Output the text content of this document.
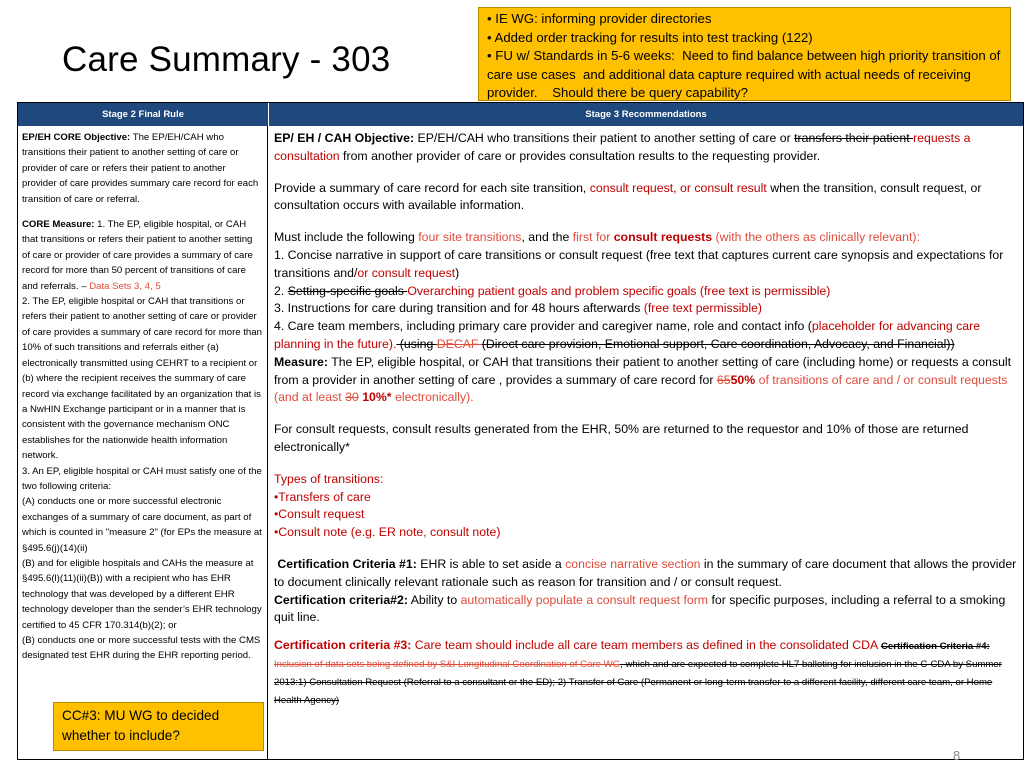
Care Summary - 303
• IE WG: informing provider directories
• Added order tracking for results into test tracking (122)
• FU w/ Standards in 5-6 weeks:  Need to find balance between high priority transition of care use cases  and additional data capture required with actual needs of receiving provider.    Should there be query capability?
Stage 2 Final Rule	Stage 3 Recommendations

EP/EH CORE Objective: The EP/EH/CAH who transitions their patient to another setting of care or provider of care or refers their patient to another provider of care provides summary care record for each transition of care or referral.

CORE Measure: 1. The EP, eligible hospital, or CAH that transitions or refers their patient to another setting of care or provider of care provides a summary of care record for more than 50 percent of transitions of care and referrals. – Data Sets 3, 4, 5

2. The EP, eligible hospital or CAH that transitions or refers their patient to another setting of care or provider of care provides a summary of care record for more than 10% of such transitions and referrals either (a) electronically transmitted using CEHRT to a recipient or (b) where the recipient receives the summary of care record via exchange facilitated by an organization that is a NwHIN Exchange participant or in a manner that is consistent with the governance mechanism ONC establishes for the nationwide health information network.

3. An EP, eligible hospital or CAH must satisfy one of the two following criteria:

(A) conducts one or more successful electronic exchanges of a summary of care document, as part of which is counted in "measure 2" (for EPs the measure at §495.6(j)(14)(ii)

(B) and for eligible hospitals and CAHs the measure at §495.6(l)(11)(ii)(B)) with a recipient who has EHR technology that was developed by a different EHR technology developer than the sender’s EHR technology certified to 45 CFR 170.314(b)(2); or

(B) conducts one or more successful tests with the CMS designated test EHR during the EHR reporting period.

EP/ EH / CAH Objective: EP/EH/CAH who transitions their patient to another setting of care or transfers their patient requests a consultation from another provider of care or provides consultation results to the requesting provider.

Provide a summary of care record for each site transition, consult request, or consult result when the transition, consult request, or consultation occurs with available information.

Must include the following four site transitions, and the first for consult requests (with the others as clinically relevant):

1. Concise narrative in support of care transitions or consult request (free text that captures current care synopsis and expectations for transitions and/or consult request)

2. Setting-specific goals Overarching patient goals and problem specific goals (free text is permissible)

3. Instructions for care during transition and for 48 hours afterwards (free text permissible)

4. Care team members, including primary care provider and caregiver name, role and contact info (placeholder for advancing care planning in the future). (using DECAF (Direct care provision, Emotional support, Care coordination, Advocacy, and Financial))

Measure: The EP, eligible hospital, or CAH that transitions their patient to another setting of care (including home) or requests a consult from a provider in another setting of care , provides a summary of care record for 6550% of transitions of care and / or consult requests (and at least 30 10%* electronically).

For consult requests, consult results generated from the EHR, 50% are returned to the requestor and 10% of those are returned electronically*

Types of transitions:

•Transfers of care

•Consult request

•Consult note (e.g. ER note, consult note)

Certification Criteria #1: EHR is able to set aside a concise narrative section in the summary of care document that allows the provider to document clinically relevant rationale such as reason for transition and / or consult request.

Certification criteria#2: Ability to automatically populate a consult request form for specific purposes, including a referral to a smoking quit line.

Certification criteria #3: Care team should include all care team members as defined in the consolidated CDA Certification Criteria #4: Inclusion of data sets being defined by S&I Longitudinal Coordination of Care WG, which and are expected to complete HL7 balloting for inclusion in the C-CDA by Summer 2013:1) Consultation Request (Referral to a consultant or the ED); 2) Transfer of Care (Permanent or long-term transfer to a different facility, different care team, or Home Health Agency)

CC#3: MU WG to decided whether to include?
8
